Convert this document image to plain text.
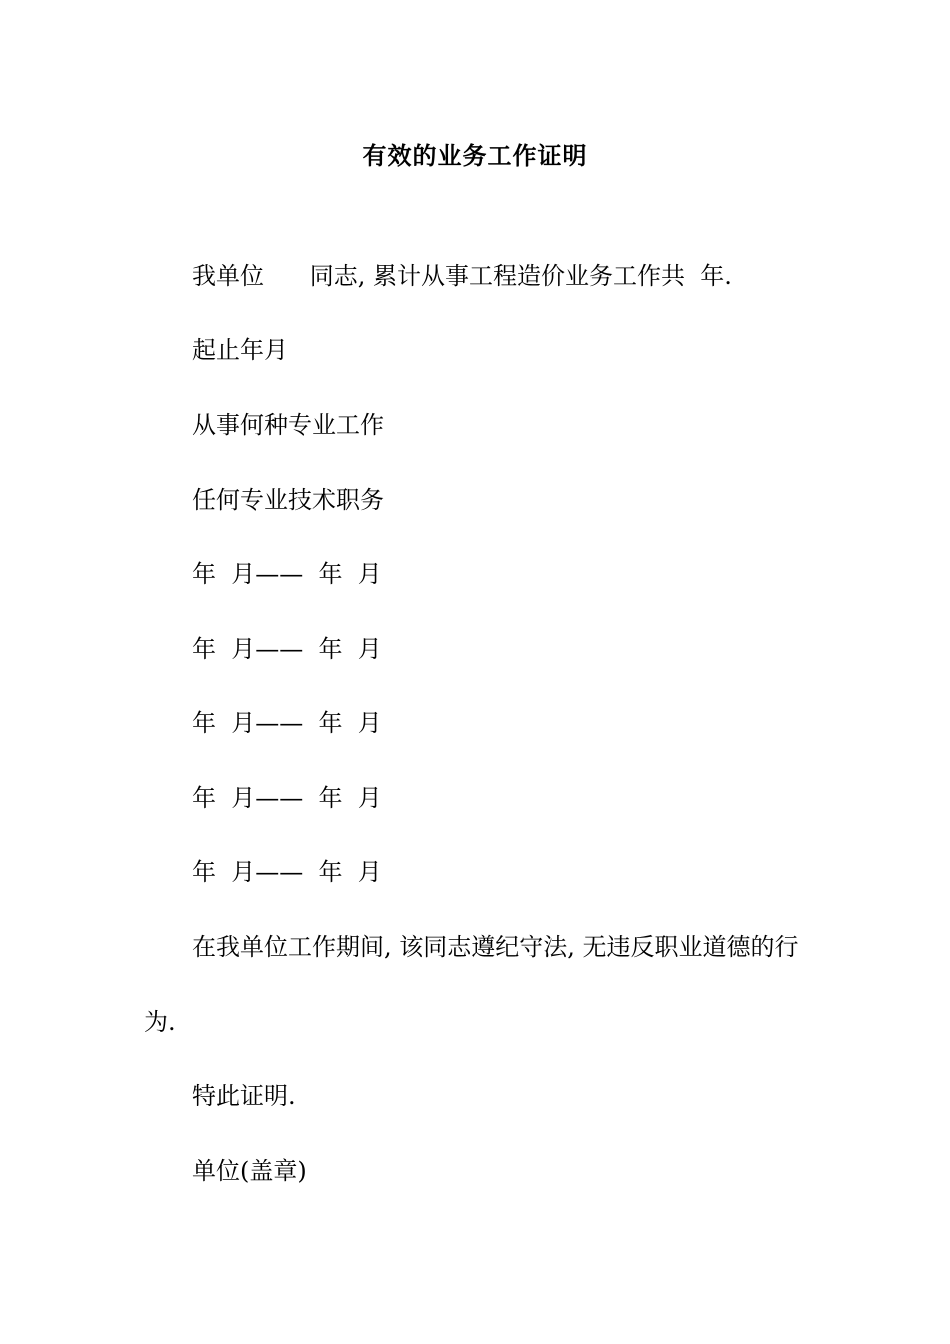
有效的业务工作证明
我单位      同志, 累计从事工程造价业务工作共  年.
起止年月
从事何种专业工作
任何专业技术职务
年  月——  年  月
年  月——  年  月
年  月——  年  月
年  月——  年  月
年  月——  年  月
在我单位工作期间, 该同志遵纪守法, 无违反职业道德的行
为.
特此证明.
单位(盖章)
